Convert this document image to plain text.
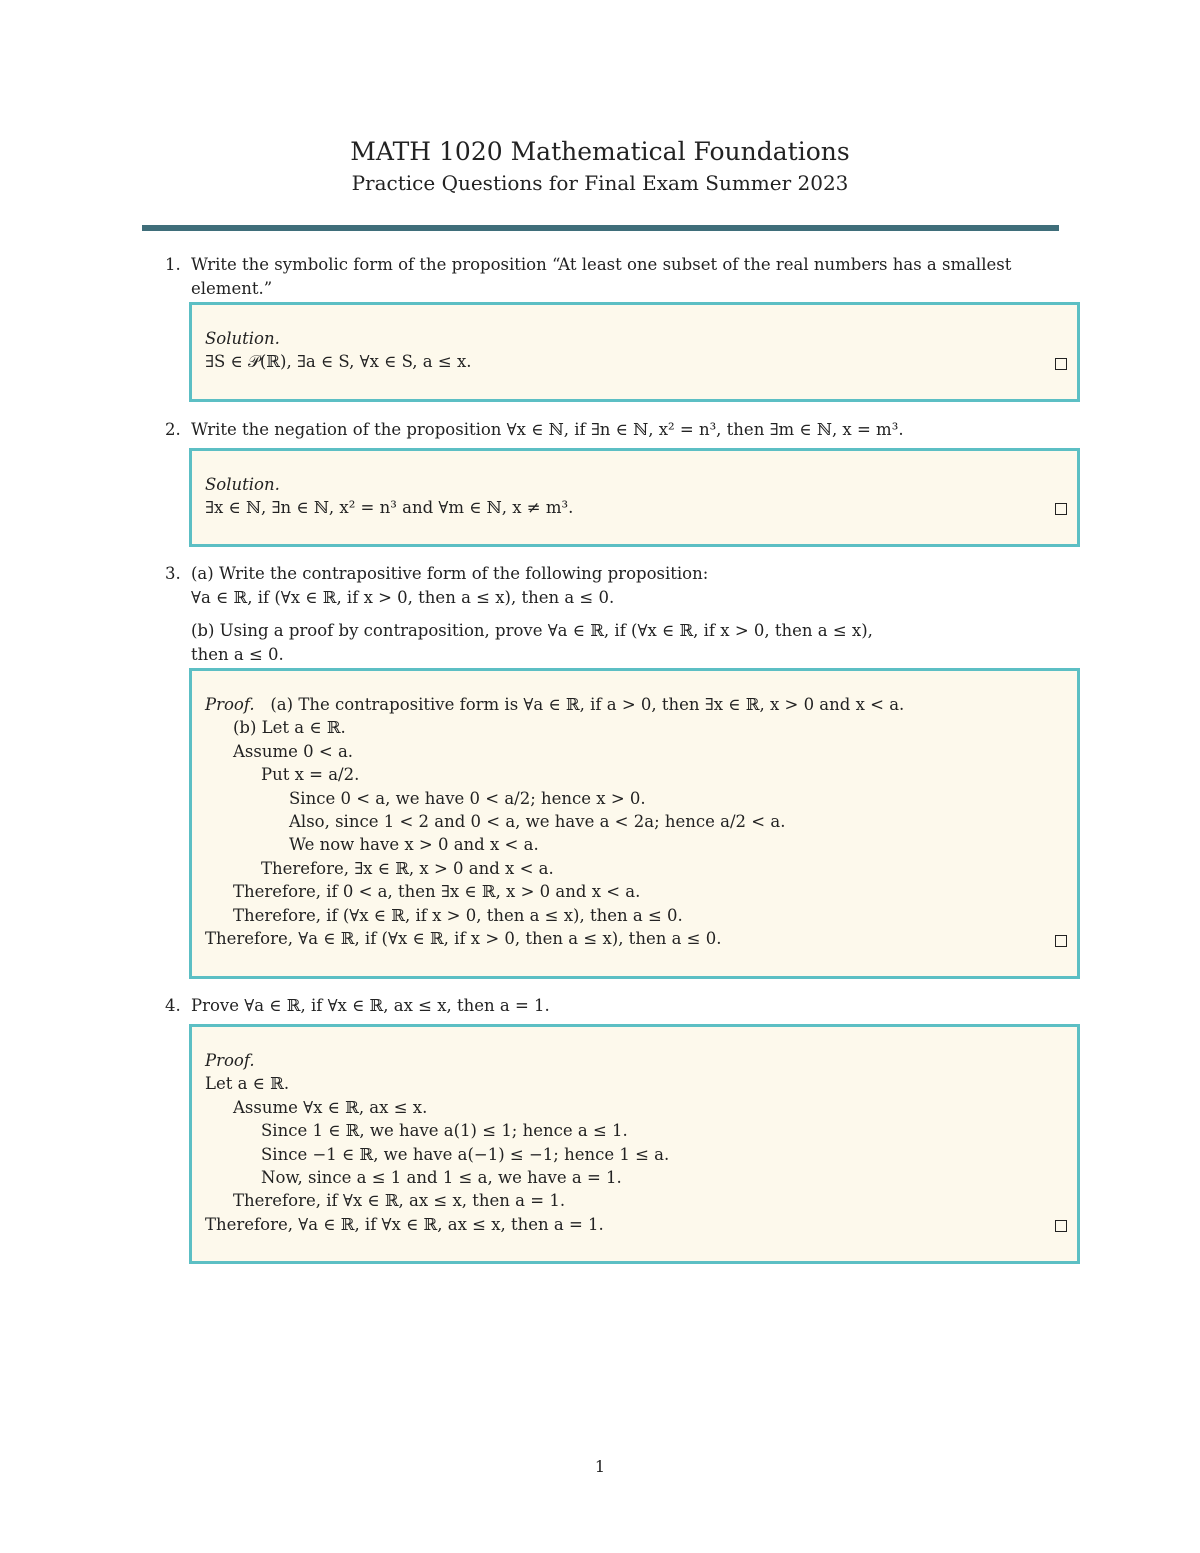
MATH 1020 Mathematical Foundations
Practice Questions for Final Exam Summer 2023
1. Write the symbolic form of the proposition “At least one subset of the real numbers has a smallest element.”
Solution.
∃S ∈ 𝒫(ℝ), ∃a ∈ S, ∀x ∈ S, a ≤ x.
2. Write the negation of the proposition ∀x ∈ ℕ, if ∃n ∈ ℕ, x² = n³, then ∃m ∈ ℕ, x = m³.
Solution.
∃x ∈ ℕ, ∃n ∈ ℕ, x² = n³ and ∀m ∈ ℕ, x ≠ m³.
3. (a) Write the contrapositive form of the following proposition:
∀a ∈ ℝ, if (∀x ∈ ℝ, if x > 0, then a ≤ x), then a ≤ 0.
(b) Using a proof by contraposition, prove ∀a ∈ ℝ, if (∀x ∈ ℝ, if x > 0, then a ≤ x),
then a ≤ 0.
Proof. (a) The contrapositive form is ∀a ∈ ℝ, if a > 0, then ∃x ∈ ℝ, x > 0 and x < a.
(b) Let a ∈ ℝ.
Assume 0 < a.
Put x = a/2.
Since 0 < a, we have 0 < a/2; hence x > 0.
Also, since 1 < 2 and 0 < a, we have a < 2a; hence a/2 < a.
We now have x > 0 and x < a.
Therefore, ∃x ∈ ℝ, x > 0 and x < a.
Therefore, if 0 < a, then ∃x ∈ ℝ, x > 0 and x < a.
Therefore, if (∀x ∈ ℝ, if x > 0, then a ≤ x), then a ≤ 0.
Therefore, ∀a ∈ ℝ, if (∀x ∈ ℝ, if x > 0, then a ≤ x), then a ≤ 0.
4. Prove ∀a ∈ ℝ, if ∀x ∈ ℝ, ax ≤ x, then a = 1.
Proof.
Let a ∈ ℝ.
Assume ∀x ∈ ℝ, ax ≤ x.
Since 1 ∈ ℝ, we have a(1) ≤ 1; hence a ≤ 1.
Since −1 ∈ ℝ, we have a(−1) ≤ −1; hence 1 ≤ a.
Now, since a ≤ 1 and 1 ≤ a, we have a = 1.
Therefore, if ∀x ∈ ℝ, ax ≤ x, then a = 1.
Therefore, ∀a ∈ ℝ, if ∀x ∈ ℝ, ax ≤ x, then a = 1.
1
